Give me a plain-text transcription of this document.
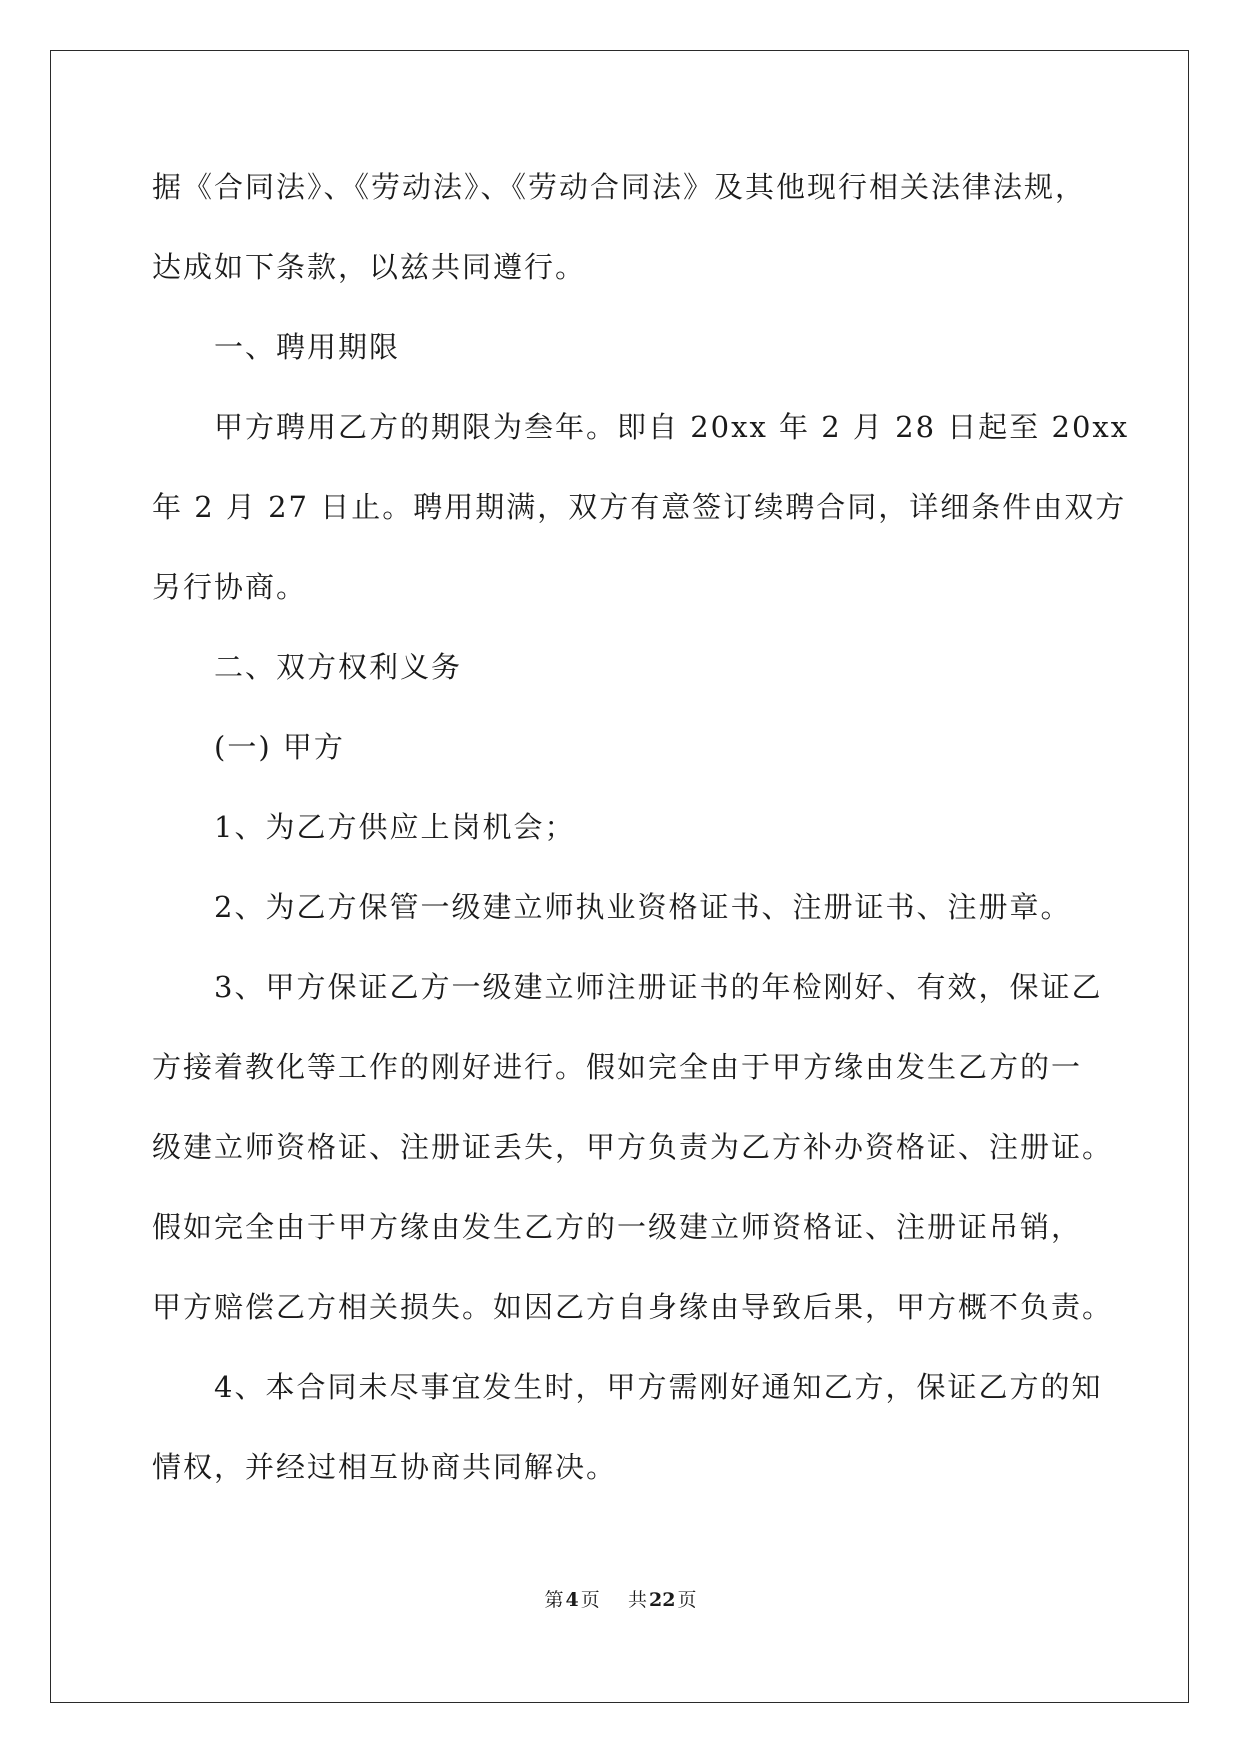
据《合同法》、《劳动法》、《劳动合同法》及其他现行相关法律法规，
达成如下条款，以兹共同遵行。
一、聘用期限
甲方聘用乙方的期限为叁年。即自 20xx 年 2 月 28 日起至 20xx
年 2 月 27 日止。聘用期满，双方有意签订续聘合同，详细条件由双方
另行协商。
二、双方权利义务
(一) 甲方
1、为乙方供应上岗机会；
2、为乙方保管一级建立师执业资格证书、注册证书、注册章。
3、甲方保证乙方一级建立师注册证书的年检刚好、有效，保证乙
方接着教化等工作的刚好进行。假如完全由于甲方缘由发生乙方的一
级建立师资格证、注册证丢失，甲方负责为乙方补办资格证、注册证。
假如完全由于甲方缘由发生乙方的一级建立师资格证、注册证吊销，
甲方赔偿乙方相关损失。如因乙方自身缘由导致后果，甲方概不负责。
4、本合同未尽事宜发生时，甲方需刚好通知乙方，保证乙方的知
情权，并经过相互协商共同解决。
第 4 页 共 22 页
